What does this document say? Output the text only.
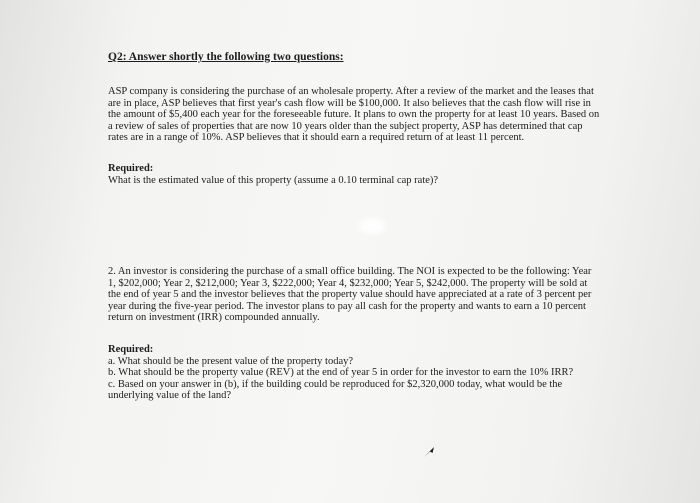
Q2: Answer shortly the following two questions:
ASP company is considering the purchase of an wholesale property. After a review of the market and the leases that
are in place, ASP believes that first year's cash flow will be $100,000. It also believes that the cash flow will rise in
the amount of $5,400 each year for the foreseeable future. It plans to own the property for at least 10 years. Based on
a review of sales of properties that are now 10 years older than the subject property, ASP has determined that cap
rates are in a range of 10%. ASP believes that it should earn a required return of at least 11 percent.
Required:
What is the estimated value of this property (assume a 0.10 terminal cap rate)?
2. An investor is considering the purchase of a small office building. The NOI is expected to be the following: Year
1, $202,000; Year 2, $212,000; Year 3, $222,000; Year 4, $232,000; Year 5, $242,000. The property will be sold at
the end of year 5 and the investor believes that the property value should have appreciated at a rate of 3 percent per
year during the five-year period. The investor plans to pay all cash for the property and wants to earn a 10 percent
return on investment (IRR) compounded annually.
Required:
a. What should be the present value of the property today?
b. What should be the property value (REV) at the end of year 5 in order for the investor to earn the 10% IRR?
c. Based on your answer in (b), if the building could be reproduced for $2,320,000 today, what would be the
underlying value of the land?
